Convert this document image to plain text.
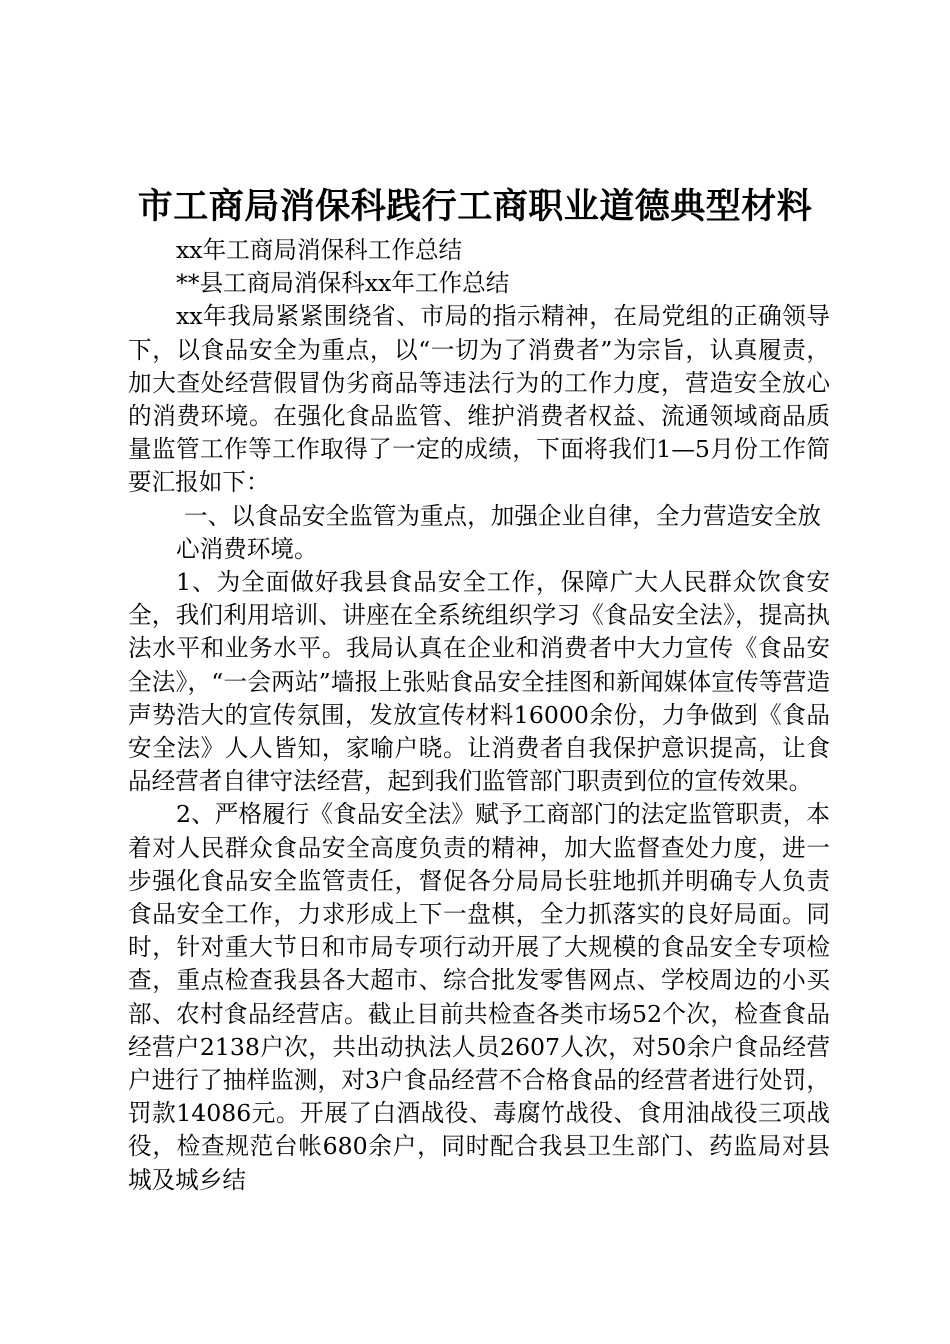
市工商局消保科践行工商职业道德典型材料

xx年工商局消保科工作总结

**县工商局消保科xx年工作总结

xx年我局紧紧围绕省、市局的指示精神，在局党组的正确领导下，以食品安全为重点，以“一切为了消费者”为宗旨，认真履责，加大查处经营假冒伪劣商品等违法行为的工作力度，营造安全放心的消费环境。在强化食品监管、维护消费者权益、流通领域商品质量监管工作等工作取得了一定的成绩，下面将我们1—5月份工作简要汇报如下：

一、以食品安全监管为重点，加强企业自律，全力营造安全放

心消费环境。

1、为全面做好我县食品安全工作，保障广大人民群众饮食安全，我们利用培训、讲座在全系统组织学习《食品安全法》，提高执法水平和业务水平。我局认真在企业和消费者中大力宣传《食品安全法》，“一会两站”墙报上张贴食品安全挂图和新闻媒体宣传等营造声势浩大的宣传氛围，发放宣传材料16000余份，力争做到《食品安全法》人人皆知，家喻户晓。让消费者自我保护意识提高，让食品经营者自律守法经营，起到我们监管部门职责到位的宣传效果。

2、严格履行《食品安全法》赋予工商部门的法定监管职责，本着对人民群众食品安全高度负责的精神，加大监督查处力度，进一步强化食品安全监管责任，督促各分局局长驻地抓并明确专人负责食品安全工作，力求形成上下一盘棋，全力抓落实的良好局面。同时，针对重大节日和市局专项行动开展了大规模的食品安全专项检查，重点检查我县各大超市、综合批发零售网点、学校周边的小买部、农村食品经营店。截止目前共检查各类市场52个次，检查食品经营户2138户次，共出动执法人员2607人次，对50余户食品经营户进行了抽样监测，对3户食品经营不合格食品的经营者进行处罚，罚款14086元。开展了白酒战役、毒腐竹战役、食用油战役三项战役，检查规范台帐680余户，同时配合我县卫生部门、药监局对县城及城乡结
